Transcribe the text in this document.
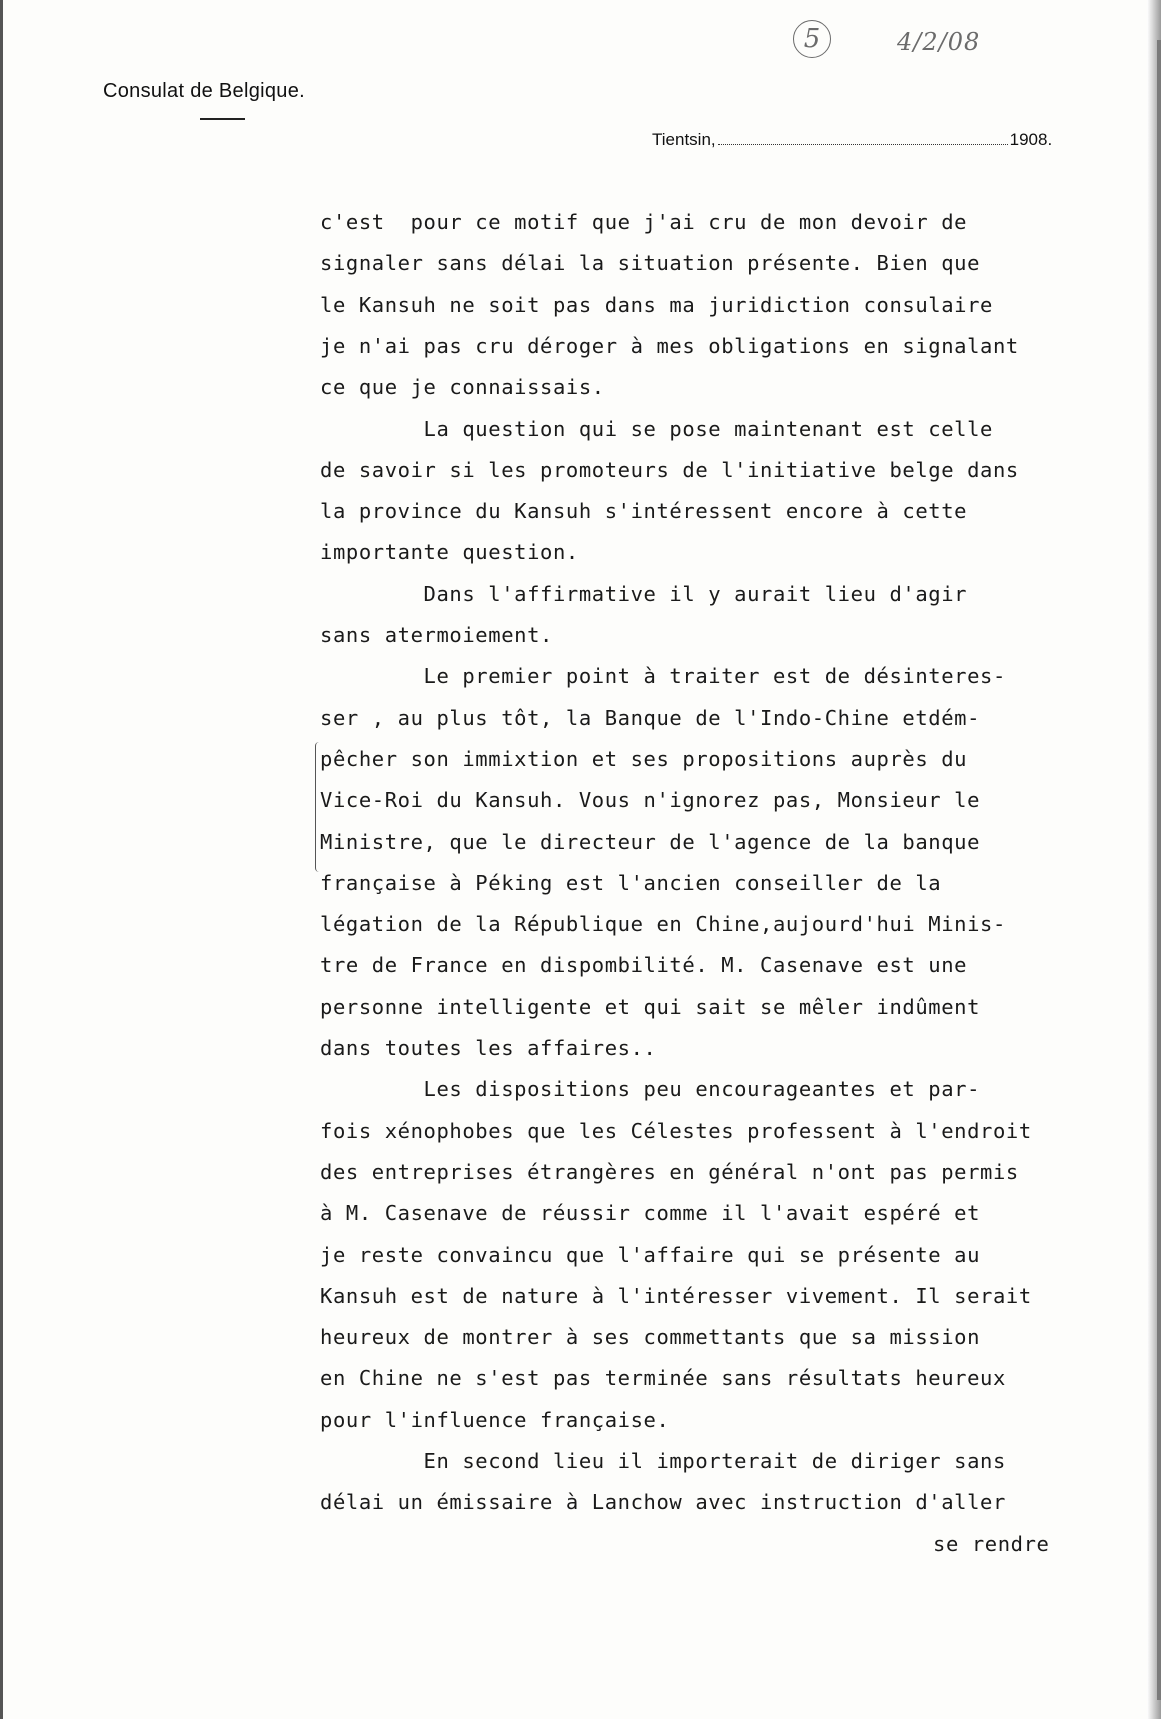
Consulat de Belgique.
Tientsin,	1908.
5	4/2/08
c'est  pour ce motif que j'ai cru de mon devoir de
signaler sans délai la situation présente. Bien que
le Kansuh ne soit pas dans ma juridiction consulaire
je n'ai pas cru déroger à mes obligations en signalant
ce que je connaissais.
La question qui se pose maintenant est celle
de savoir si les promoteurs de l'initiative belge dans
la province du Kansuh s'intéressent encore à cette
importante question.
Dans l'affirmative il y aurait lieu d'agir
sans atermoiement.
Le premier point à traiter est de désinteres-
ser , au plus tôt, la Banque de l'Indo-Chine etdém-
pêcher son immixtion et ses propositions auprès du
Vice-Roi du Kansuh. Vous n'ignorez pas, Monsieur le
Ministre, que le directeur de l'agence de la banque
française à Péking est l'ancien conseiller de la
légation de la République en Chine,aujourd'hui Minis-
tre de France en dispombilité. M. Casenave est une
personne intelligente et qui sait se mêler indûment
dans toutes les affaires..
Les dispositions peu encourageantes et par-
fois xénophobes que les Célestes professent à l'endroit
des entreprises étrangères en général n'ont pas permis
à M. Casenave de réussir comme il l'avait espéré et
je reste convaincu que l'affaire qui se présente au
Kansuh est de nature à l'intéresser vivement. Il serait
heureux de montrer à ses commettants que sa mission
en Chine ne s'est pas terminée sans résultats heureux
pour l'influence française.
En second lieu il importerait de diriger sans
délai un émissaire à Lanchow avec instruction d'aller
se rendre
